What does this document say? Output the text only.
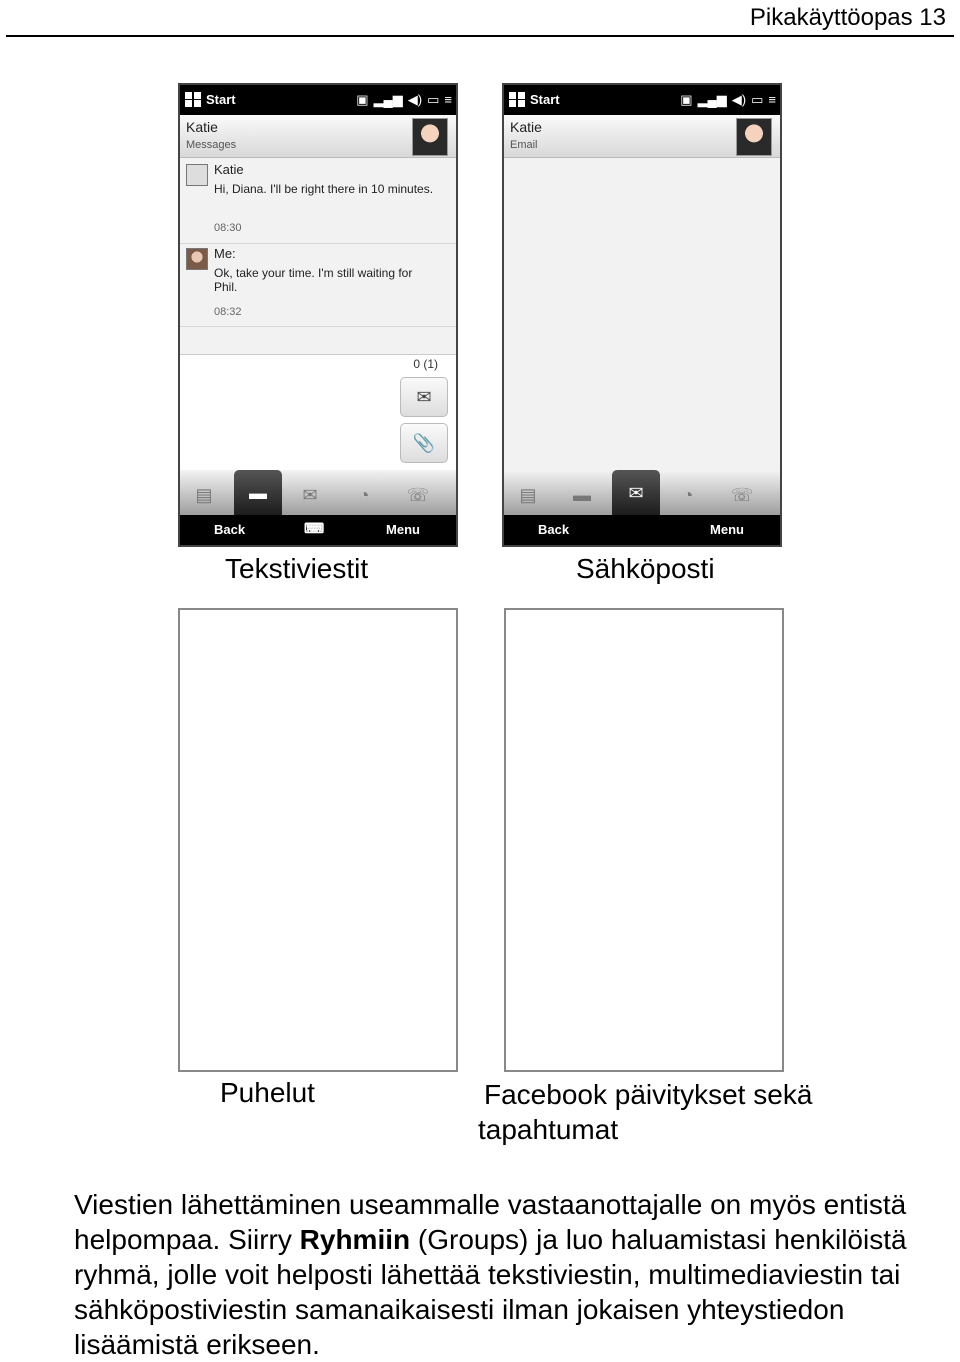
Pikakäyttöopas 13
Start	▣ ▂▄▆ ◀) ▭ ≡
Katie
Messages
Katie
Hi, Diana. I'll be right there in 10 minutes.
08:30
Me:
Ok, take your time. I'm still waiting for Phil.
08:32
0 (1)
✉
📎
▤ ▬ ✉ ◔ ☏
Back	⌨	Menu
Start	▣ ▂▄▆ ◀) ▭ ≡
Katie
Email
▤ ▬ ✉ ◔ ☏
Back	Menu
Tekstiviestit	Sähköposti
Puhelut	Facebook päivitykset sekä tapahtumat
Viestien lähettäminen useammalle vastaanottajalle on myös entistä helpompaa. Siirry Ryhmiin (Groups) ja luo haluamistasi henkilöistä ryhmä, jolle voit helposti lähettää tekstiviestin, multimediaviestin tai sähköpostiviestin samanaikaisesti ilman jokaisen yhteystiedon lisäämistä erikseen.
